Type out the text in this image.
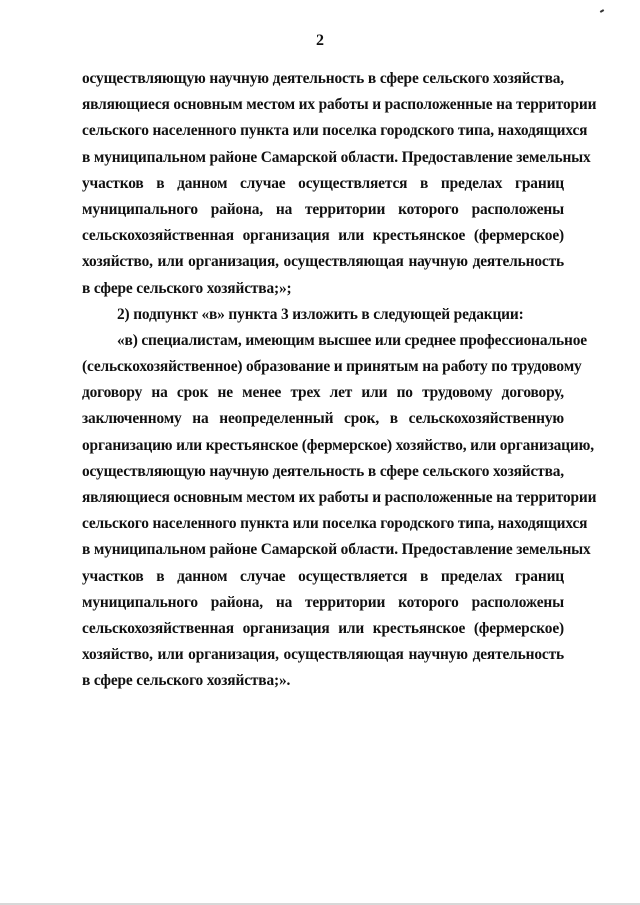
2
осуществляющую научную деятельность в сфере сельского хозяйства,
являющиеся основным местом их работы и расположенные на территории
сельского населенного пункта или поселка городского типа, находящихся
в муниципальном районе Самарской области. Предоставление земельных
участков в данном случае осуществляется в пределах границ
муниципального района, на территории которого расположены
сельскохозяйственная организация или крестьянское (фермерское)
хозяйство, или организация, осуществляющая научную деятельность
в сфере сельского хозяйства;»;
2) подпункт «в» пункта 3 изложить в следующей редакции:
«в) специалистам, имеющим высшее или среднее профессиональное
(сельскохозяйственное) образование и принятым на работу по трудовому
договору на срок не менее трех лет или по трудовому договору,
заключенному на неопределенный срок, в сельскохозяйственную
организацию или крестьянское (фермерское) хозяйство, или организацию,
осуществляющую научную деятельность в сфере сельского хозяйства,
являющиеся основным местом их работы и расположенные на территории
сельского населенного пункта или поселка городского типа, находящихся
в муниципальном районе Самарской области. Предоставление земельных
участков в данном случае осуществляется в пределах границ
муниципального района, на территории которого расположены
сельскохозяйственная организация или крестьянское (фермерское)
хозяйство, или организация, осуществляющая научную деятельность
в сфере сельского хозяйства;».
